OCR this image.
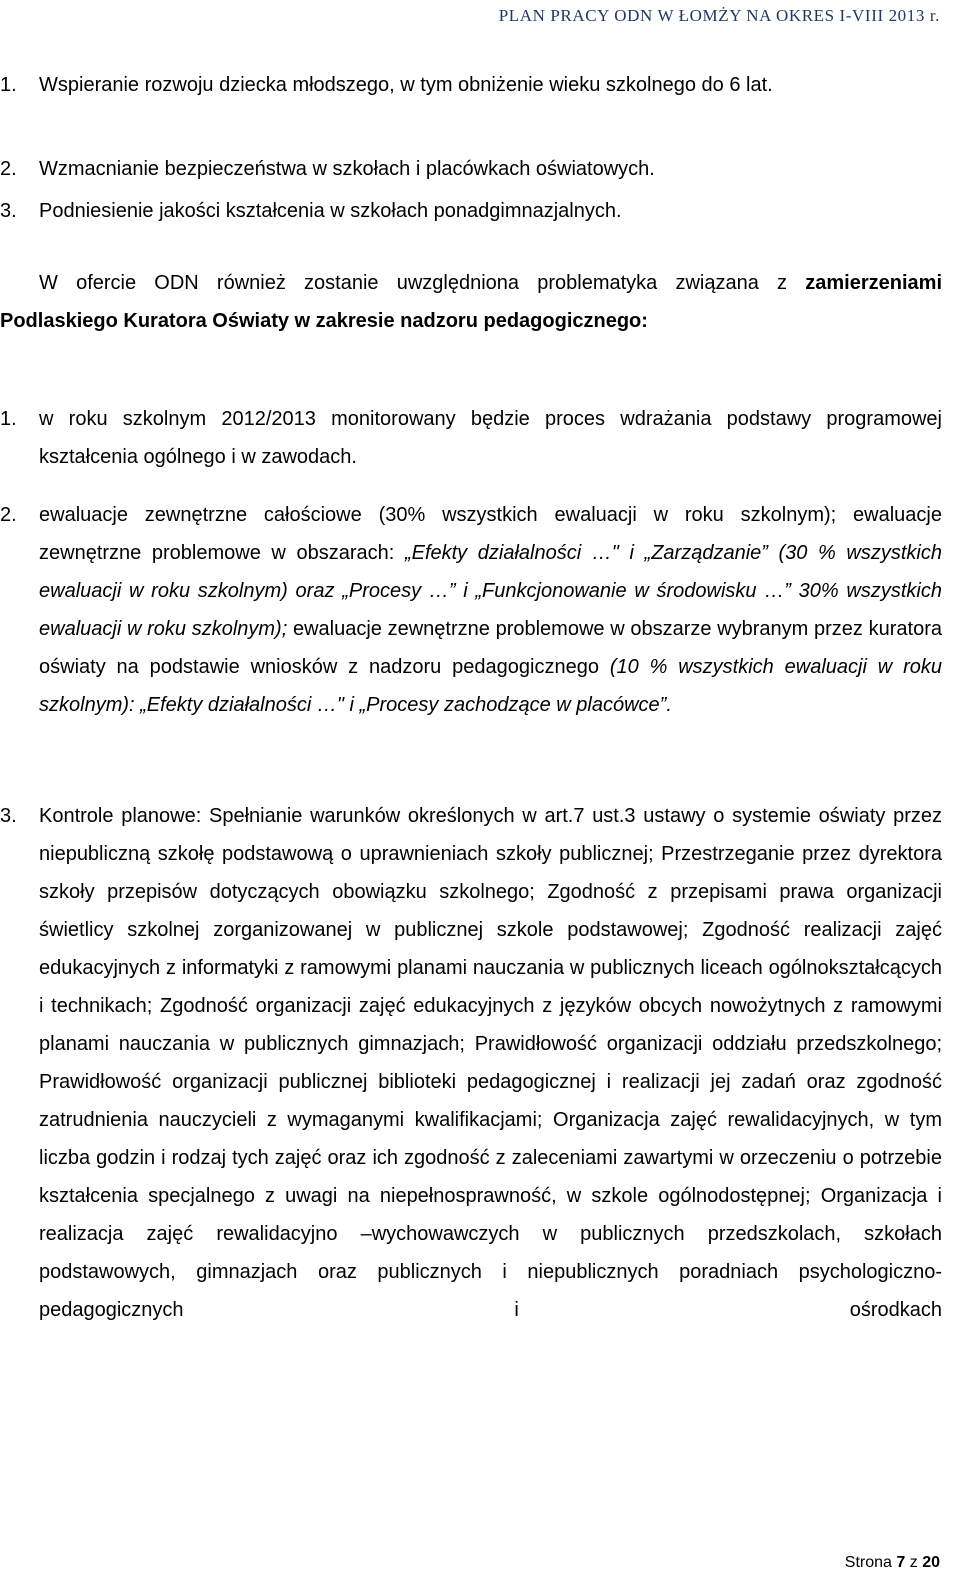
PLAN PRACY ODN W ŁOMŻY NA OKRES I-VIII 2013 r.
1. Wspieranie rozwoju dziecka młodszego, w tym obniżenie wieku szkolnego do 6 lat.
2. Wzmacnianie bezpieczeństwa w szkołach i placówkach oświatowych.
3. Podniesienie jakości kształcenia w szkołach ponadgimnazjalnych.
W ofercie ODN również zostanie uwzględniona problematyka związana z zamierzeniami Podlaskiego Kuratora Oświaty w zakresie nadzoru pedagogicznego:
1. w roku szkolnym 2012/2013 monitorowany będzie proces wdrażania podstawy programowej kształcenia ogólnego i w zawodach.
2. ewaluacje zewnętrzne całościowe (30% wszystkich ewaluacji w roku szkolnym); ewaluacje zewnętrzne problemowe w obszarach: „Efekty działalności …" i „Zarządzanie” (30 % wszystkich ewaluacji w roku szkolnym) oraz „Procesy …” i „Funkcjonowanie w środowisku …” 30% wszystkich ewaluacji w roku szkolnym); ewaluacje zewnętrzne problemowe w obszarze wybranym przez kuratora oświaty na podstawie wniosków z nadzoru pedagogicznego (10 % wszystkich ewaluacji w roku szkolnym): „Efekty działalności …" i „Procesy zachodzące w placówce”.
3. Kontrole planowe: Spełnianie warunków określonych w art.7 ust.3 ustawy o systemie oświaty przez niepubliczną szkołę podstawową o uprawnieniach szkoły publicznej; Przestrzeganie przez dyrektora szkoły przepisów dotyczących obowiązku szkolnego; Zgodność z przepisami prawa organizacji świetlicy szkolnej zorganizowanej w publicznej szkole podstawowej; Zgodność realizacji zajęć edukacyjnych z informatyki z ramowymi planami nauczania w publicznych liceach ogólnokształcących i technikach; Zgodność organizacji zajęć edukacyjnych z języków obcych nowożytnych z ramowymi planami nauczania w publicznych gimnazjach; Prawidłowość organizacji oddziału przedszkolnego; Prawidłowość organizacji publicznej biblioteki pedagogicznej i realizacji jej zadań oraz zgodność zatrudnienia nauczycieli z wymaganymi kwalifikacjami; Organizacja zajęć rewalidacyjnych, w tym liczba godzin i rodzaj tych zajęć oraz ich zgodność z zaleceniami zawartymi w orzeczeniu o potrzebie kształcenia specjalnego z uwagi na niepełnosprawność, w szkole ogólnodostępnej; Organizacja i realizacja zajęć rewalidacyjno –wychowawczych w publicznych przedszkolach, szkołach podstawowych, gimnazjach oraz publicznych i niepublicznych poradniach psychologiczno-pedagogicznych i ośrodkach
Strona 7 z 20
